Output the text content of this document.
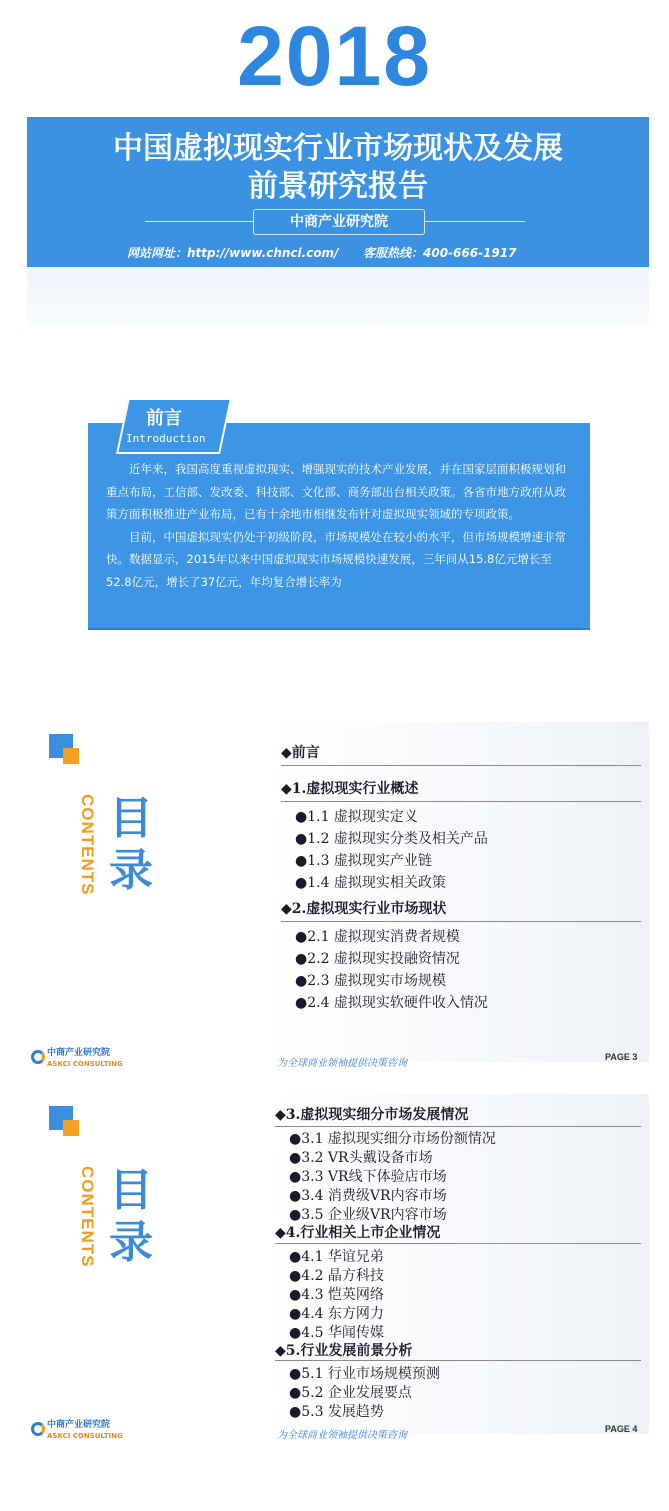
2018
中国虚拟现实行业市场现状及发展
前景研究报告
中商产业研究院
网站网址：http://www.chnci.com/ 客服热线：400-666-1917
前言
Introduction

近年来，我国高度重视虚拟现实、增强现实的技术产业发展，并在国家层面积极规划和重点布局，工信部、发改委、科技部、文化部、商务部出台相关政策。各省市地方政府从政策方面积极推进产业布局，已有十余地市相继发布针对虚拟现实领域的专项政策。

目前，中国虚拟现实仍处于初级阶段，市场规模处在较小的水平，但市场规模增速非常快。数据显示，2015年以来中国虚拟现实市场规模快速发展，三年间从15.8亿元增长至52.8亿元，增长了37亿元，年均复合增长率为

CONTENTS 目
录
◆前言
◆1.虚拟现实行业概述
●1.1 虚拟现实定义
●1.2 虚拟现实分类及相关产品
●1.3 虚拟现实产业链
●1.4 虚拟现实相关政策
◆2.虚拟现实行业市场现状
●2.1 虚拟现实消费者规模
●2.2 虚拟现实投融资情况
●2.3 虚拟现实市场规模
●2.4 虚拟现实软硬件收入情况
中商产业研究院
ASKCI CONSULTING	为全球商业领袖提供决策咨询
PAGE 3
CONTENTS 目
录
◆3.虚拟现实细分市场发展情况
●3.1 虚拟现实细分市场份额情况
●3.2 VR头戴设备市场
●3.3 VR线下体验店市场
●3.4 消费级VR内容市场
●3.5 企业级VR内容市场
◆4.行业相关上市企业情况
●4.1 华谊兄弟
●4.2 晶方科技
●4.3 恺英网络
●4.4 东方网力
●4.5 华闻传媒
◆5.行业发展前景分析
●5.1 行业市场规模预测
●5.2 企业发展要点
●5.3 发展趋势
中商产业研究院
ASKCI CONSULTING	为全球商业领袖提供决策咨询
PAGE 4
